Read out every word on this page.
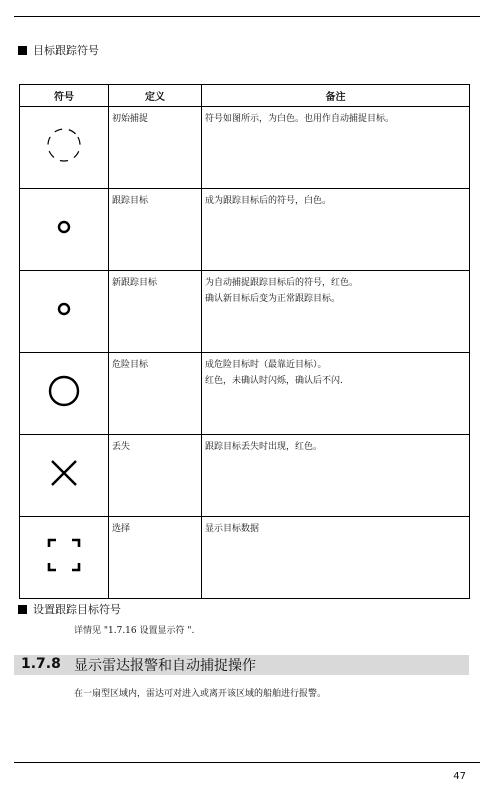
目标跟踪符号
符号	定义	备注
	初始捕捉	符号如图所示，为白色。也用作自动捕捉目标。

	跟踪目标	成为跟踪目标后的符号，白色。

	新跟踪目标	为自动捕捉跟踪目标后的符号，红色。
确认新目标后变为正常跟踪目标。

	危险目标	成危险目标时（最靠近目标）。
红色，未确认时闪烁，确认后不闪.

	丢失	跟踪目标丢失时出现，红色。

	选择	显示目标数据
设置跟踪目标符号
详情见 "1.7.16 设置显示符 ".
1.7.8 显示雷达报警和自动捕捉操作
在一扇型区域内，雷达可对进入或离开该区域的船舶进行报警。
47
